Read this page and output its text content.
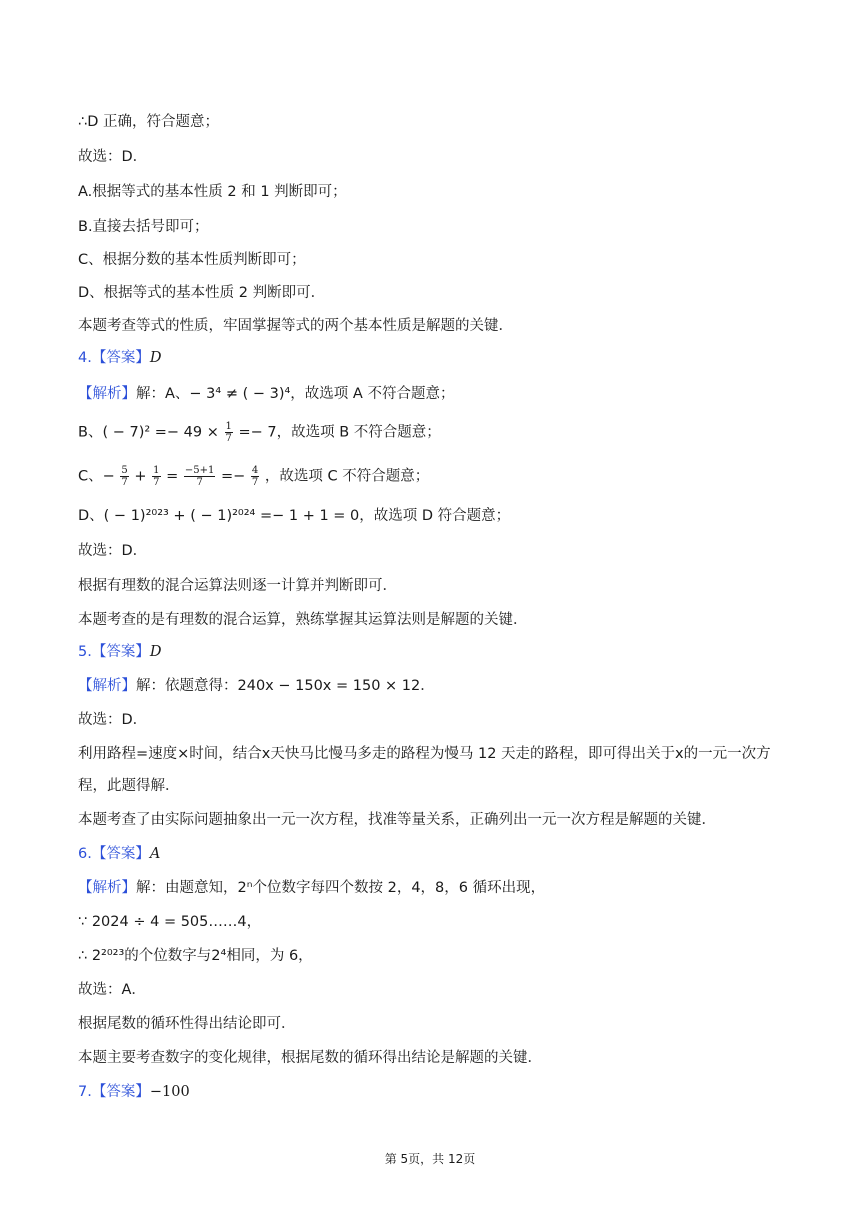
∴D 正确，符合题意；
故选：D．
A.根据等式的基本性质 2 和 1 判断即可；
B.直接去括号即可；
C、根据分数的基本性质判断即可；
D、根据等式的基本性质 2 判断即可．
本题考查等式的性质，牢固掌握等式的两个基本性质是解题的关键．
4.【答案】D
【解析】解：A、− 3⁴ ≠ ( − 3)⁴，故选项 A 不符合题意；
B、( − $7)^2 =- 49 \times \frac{1}{7} =- 7$，故选项 B 不符合题意；
C、− $\frac{5}{7} + \frac{1}{7} = \frac{-5+1}{7} =- \frac{4}{7}$ ，故选项 C 不符合题意；
D、( − 1)²⁰²³ + ( − 1)²⁰²⁴ =− 1 + 1 = 0，故选项 D 符合题意；
故选：D．
根据有理数的混合运算法则逐一计算并判断即可．
本题考查的是有理数的混合运算，熟练掌握其运算法则是解题的关键．
5.【答案】D
【解析】解：依题意得：240x − 150x = 150 × 12．
故选：D．
利用路程=速度×时间，结合x天快马比慢马多走的路程为慢马 12 天走的路程，即可得出关于x的一元一次方程，此题得解．
本题考查了由实际问题抽象出一元一次方程，找准等量关系，正确列出一元一次方程是解题的关键．
6.【答案】A
【解析】解：由题意知，2ⁿ个位数字每四个数按 2，4，8，6 循环出现，
∵ 2024 ÷ 4 = 505……4，
∴ 2²⁰²³的个位数字与2⁴相同，为 6，
故选：A．
根据尾数的循环性得出结论即可．
本题主要考查数字的变化规律，根据尾数的循环得出结论是解题的关键．
7.【答案】−100
第 5页，共 12页
